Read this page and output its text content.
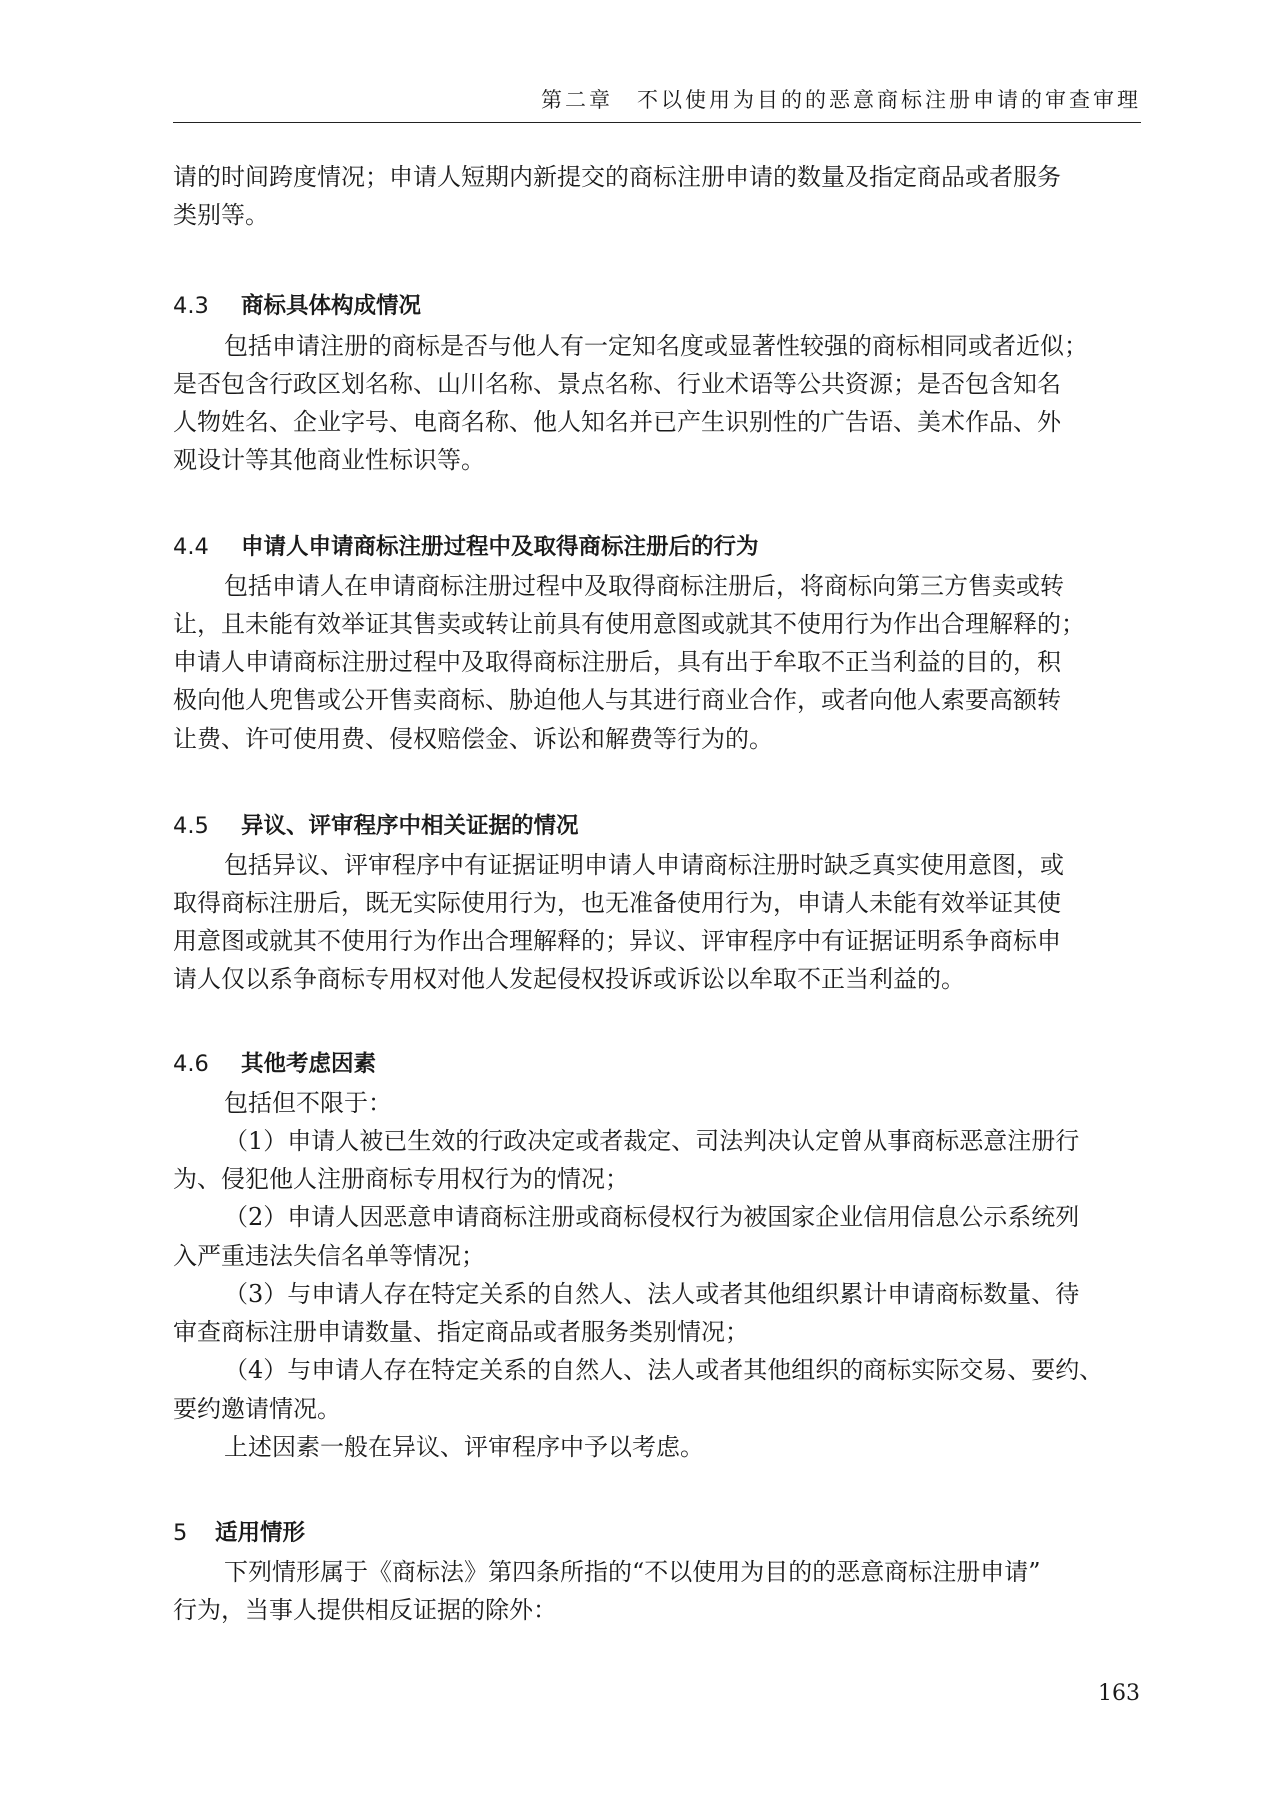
第二章 不以使用为目的的恶意商标注册申请的审查审理
请的时间跨度情况；申请人短期内新提交的商标注册申请的数量及指定商品或者服务
类别等。
4.3 商标具体构成情况
包括申请注册的商标是否与他人有一定知名度或显著性较强的商标相同或者近似；
是否包含行政区划名称、山川名称、景点名称、行业术语等公共资源；是否包含知名
人物姓名、企业字号、电商名称、他人知名并已产生识别性的广告语、美术作品、外
观设计等其他商业性标识等。
4.4 申请人申请商标注册过程中及取得商标注册后的行为
包括申请人在申请商标注册过程中及取得商标注册后，将商标向第三方售卖或转
让，且未能有效举证其售卖或转让前具有使用意图或就其不使用行为作出合理解释的；
申请人申请商标注册过程中及取得商标注册后，具有出于牟取不正当利益的目的，积
极向他人兜售或公开售卖商标、胁迫他人与其进行商业合作，或者向他人索要高额转
让费、许可使用费、侵权赔偿金、诉讼和解费等行为的。
4.5 异议、评审程序中相关证据的情况
包括异议、评审程序中有证据证明申请人申请商标注册时缺乏真实使用意图，或
取得商标注册后，既无实际使用行为，也无准备使用行为，申请人未能有效举证其使
用意图或就其不使用行为作出合理解释的；异议、评审程序中有证据证明系争商标申
请人仅以系争商标专用权对他人发起侵权投诉或诉讼以牟取不正当利益的。
4.6 其他考虑因素
包括但不限于：
（1）申请人被已生效的行政决定或者裁定、司法判决认定曾从事商标恶意注册行
为、侵犯他人注册商标专用权行为的情况；
（2）申请人因恶意申请商标注册或商标侵权行为被国家企业信用信息公示系统列
入严重违法失信名单等情况；
（3）与申请人存在特定关系的自然人、法人或者其他组织累计申请商标数量、待
审查商标注册申请数量、指定商品或者服务类别情况；
（4）与申请人存在特定关系的自然人、法人或者其他组织的商标实际交易、要约、
要约邀请情况。
上述因素一般在异议、评审程序中予以考虑。
5 适用情形
下列情形属于《商标法》第四条所指的“不以使用为目的的恶意商标注册申请”
行为，当事人提供相反证据的除外：
163
